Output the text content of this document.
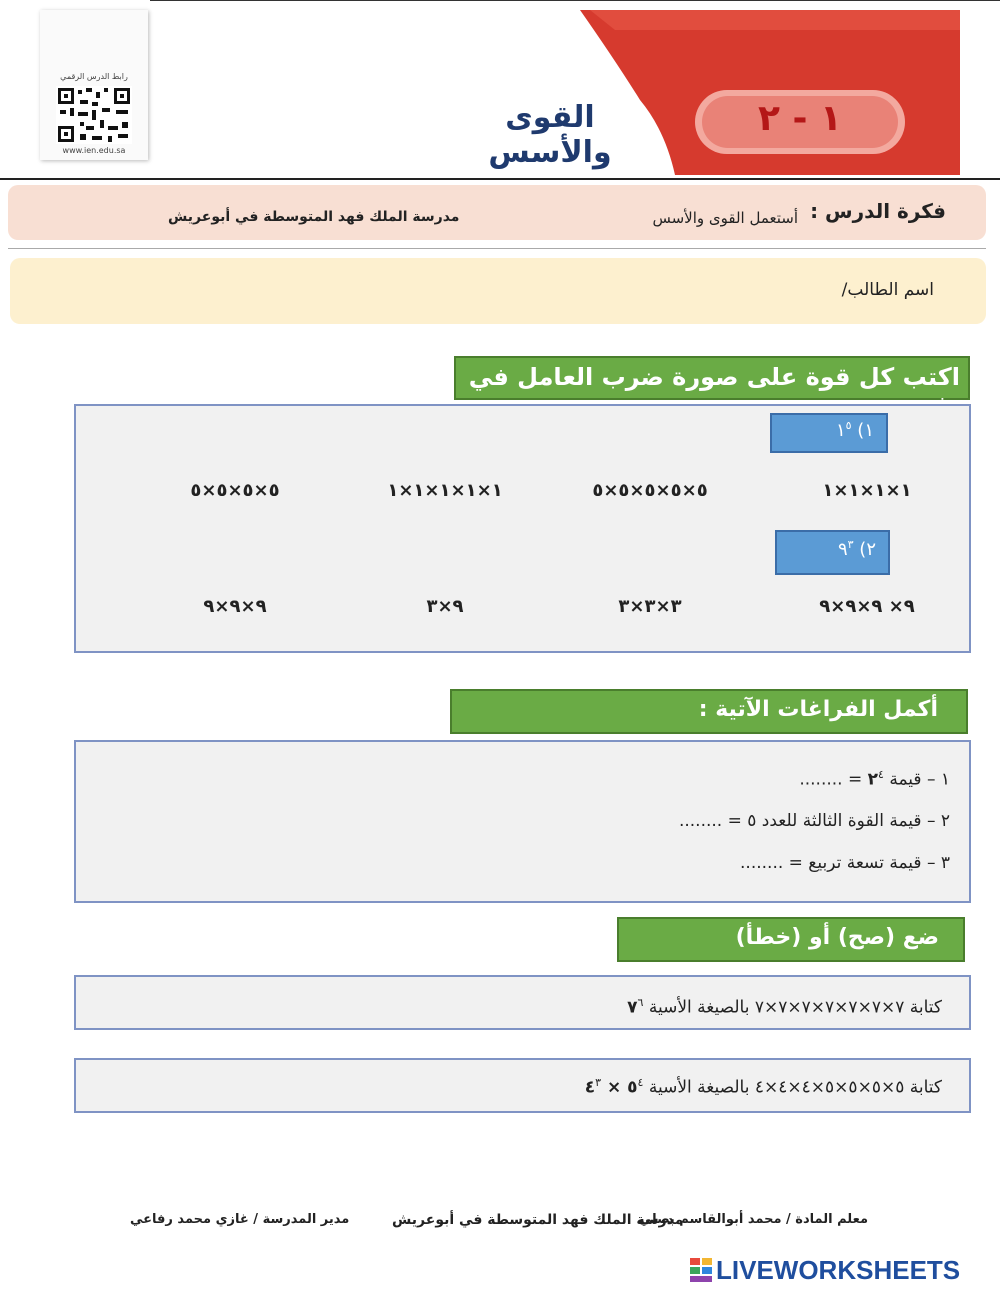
رابط الدرس الرقمي
www.ien.edu.sa
١ - ٢
القوى والأسس
فكرة الدرس :
أستعمل القوى والأسس
مدرسة الملك فهد المتوسطة في أبوعريش
اسم الطالب/
اكتب كل قوة على صورة ضرب العامل في
١) $١^٥$
١×١×١×١
٥×٥×٥×٥×٥
١×١×١×١×١
٥×٥×٥×٥
٢) $٩^٣$
٩× ٩×٩×٩
٣×٣×٣
٩×٣
٩×٩×٩
أكمل الفراغات الآتية :
١ – قيمة $٢^٤$ = ........
٢ – قيمة القوة الثالثة للعدد ٥ = ........
٣ – قيمة تسعة تربيع = ........
ضع (صح) أو (خطأ)
كتابة ٧×٧×٧×٧×٧×٧×٧ بالصيغة الأسية $٧^٦$
كتابة ٥×٥×٥×٥×٤×٤×٤ بالصيغة الأسية $٥^٤$ × $٤^٣$
معلم المادة / محمد أبوالقاسم بصلي
مدرسة الملك فهد المتوسطة في أبوعريش
مدير المدرسة / غازي محمد رفاعي
LIVEWORKSHEETS
